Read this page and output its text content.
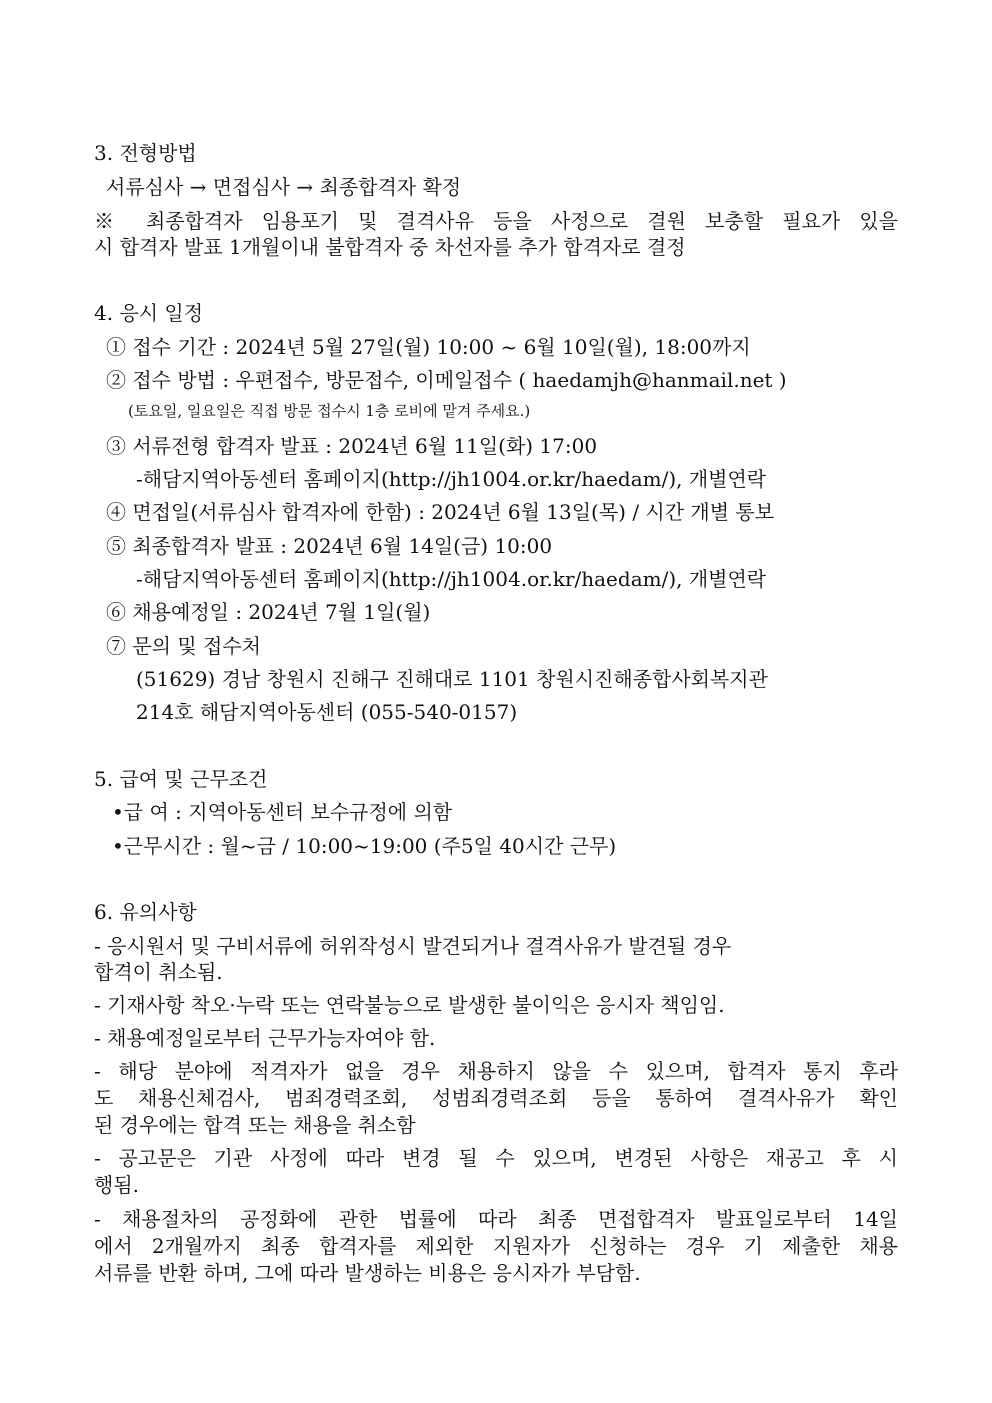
3. 전형방법
서류심사 → 면접심사 → 최종합격자 확정
※ 최종합격자 임용포기 및 결격사유 등을 사정으로 결원 보충할 필요가 있을
시 합격자 발표 1개월이내 불합격자 중 차선자를 추가 합격자로 결정
4. 응시 일정
① 접수 기간 : 2024년 5월 27일(월) 10:00 ~ 6월 10일(월), 18:00까지
② 접수 방법 : 우편접수, 방문접수, 이메일접수 ( haedamjh@hanmail.net )
(토요일, 일요일은 직접 방문 접수시 1층 로비에 맡겨 주세요.)
③ 서류전형 합격자 발표 : 2024년 6월 11일(화) 17:00
-해담지역아동센터 홈페이지(http://jh1004.or.kr/haedam/), 개별연락
④ 면접일(서류심사 합격자에 한함) : 2024년 6월 13일(목) / 시간 개별 통보
⑤ 최종합격자 발표 : 2024년 6월 14일(금) 10:00
-해담지역아동센터 홈페이지(http://jh1004.or.kr/haedam/), 개별연락
⑥ 채용예정일 : 2024년 7월 1일(월)
⑦ 문의 및 접수처
(51629) 경남 창원시 진해구 진해대로 1101 창원시진해종합사회복지관
214호 해담지역아동센터 (055-540-0157)
5. 급여 및 근무조건
•급 여 : 지역아동센터 보수규정에 의함
•근무시간 : 월~금 / 10:00~19:00 (주5일 40시간 근무)
6. 유의사항
- 응시원서 및 구비서류에 허위작성시 발견되거나 결격사유가 발견될 경우
합격이 취소됨.
- 기재사항 착오·누락 또는 연락불능으로 발생한 불이익은 응시자 책임임.
- 채용예정일로부터 근무가능자여야 함.
- 해당 분야에 적격자가 없을 경우 채용하지 않을 수 있으며, 합격자 통지 후라
도 채용신체검사, 범죄경력조회, 성범죄경력조회 등을 통하여 결격사유가 확인
된 경우에는 합격 또는 채용을 취소함
- 공고문은 기관 사정에 따라 변경 될 수 있으며, 변경된 사항은 재공고 후 시
행됨.
- 채용절차의 공정화에 관한 법률에 따라 최종 면접합격자 발표일로부터 14일
에서 2개월까지 최종 합격자를 제외한 지원자가 신청하는 경우 기 제출한 채용
서류를 반환 하며, 그에 따라 발생하는 비용은 응시자가 부담함.
